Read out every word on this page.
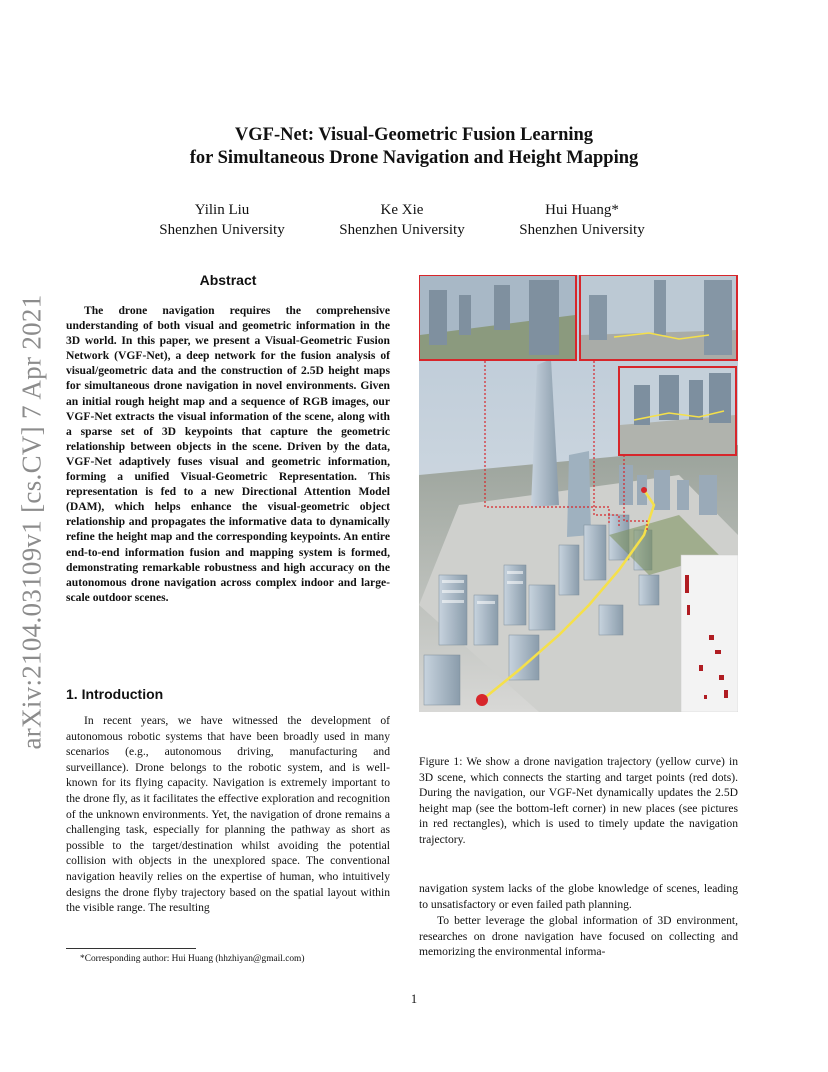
arXiv:2104.03109v1 [cs.CV] 7 Apr 2021
VGF-Net: Visual-Geometric Fusion Learning
for Simultaneous Drone Navigation and Height Mapping
Yilin Liu
Shenzhen University
Ke Xie
Shenzhen University
Hui Huang*
Shenzhen University
Abstract
The drone navigation requires the comprehensive understanding of both visual and geometric information in the 3D world. In this paper, we present a Visual-Geometric Fusion Network (VGF-Net), a deep network for the fusion analysis of visual/geometric data and the construction of 2.5D height maps for simultaneous drone navigation in novel environments. Given an initial rough height map and a sequence of RGB images, our VGF-Net extracts the visual information of the scene, along with a sparse set of 3D keypoints that capture the geometric relationship between objects in the scene. Driven by the data, VGF-Net adaptively fuses visual and geometric information, forming a unified Visual-Geometric Representation. This representation is fed to a new Directional Attention Model (DAM), which helps enhance the visual-geometric object relationship and propagates the informative data to dynamically refine the height map and the corresponding keypoints. An entire end-to-end information fusion and mapping system is formed, demonstrating remarkable robustness and high accuracy on the autonomous drone navigation across complex indoor and large-scale outdoor scenes.
1. Introduction
In recent years, we have witnessed the development of autonomous robotic systems that have been broadly used in many scenarios (e.g., autonomous driving, manufacturing and surveillance). Drone belongs to the robotic system, and is well-known for its flying capacity. Navigation is extremely important to the drone fly, as it facilitates the effective exploration and recognition of the unknown environments. Yet, the navigation of drone remains a challenging task, especially for planning the pathway as short as possible to the target/destination whilst avoiding the potential collision with objects in the unexplored space. The conventional navigation heavily relies on the expertise of human, who intuitively designs the drone flyby trajectory based on the spatial layout within the visible range. The resulting
*Corresponding author: Hui Huang (hhzhiyan@gmail.com)
Figure 1: We show a drone navigation trajectory (yellow curve) in 3D scene, which connects the starting and target points (red dots). During the navigation, our VGF-Net dynamically updates the 2.5D height map (see the bottom-left corner) in new places (see pictures in red rectangles), which is used to timely update the navigation trajectory.
navigation system lacks of the globe knowledge of scenes, leading to unsatisfactory or even failed path planning.
To better leverage the global information of 3D environment, researches on drone navigation have focused on collecting and memorizing the environmental informa-
1
